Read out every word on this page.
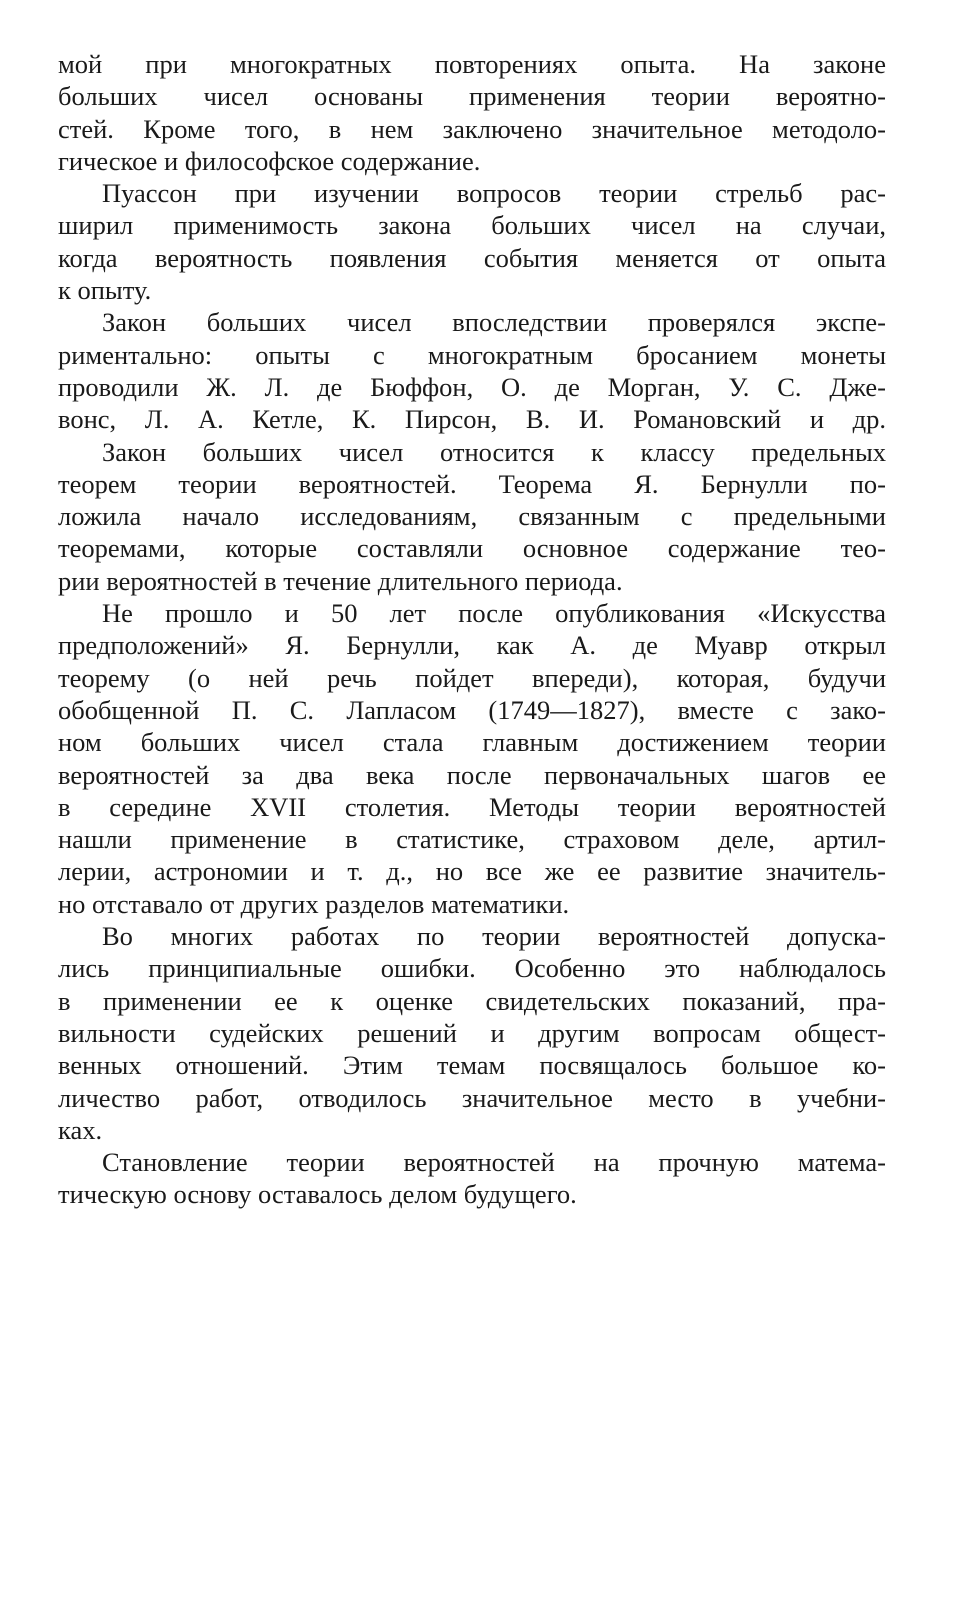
мой при многократных повторениях опыта. На законе
больших чисел основаны применения теории вероятно-
стей. Кроме того, в нем заключено значительное методоло-
гическое и философское содержание.
Пуассон при изучении вопросов теории стрельб рас-
ширил применимость закона больших чисел на случаи,
когда вероятность появления события меняется от опыта
к опыту.
Закон больших чисел впоследствии проверялся экспе-
риментально: опыты с многократным бросанием монеты
проводили Ж. Л. де Бюффон, О. де Морган, У. С. Дже-
вонс, Л. А. Кетле, К. Пирсон, В. И. Романовский и др.
Закон больших чисел относится к классу предельных
теорем теории вероятностей. Теорема Я. Бернулли по-
ложила начало исследованиям, связанным с предельными
теоремами, которые составляли основное содержание тео-
рии вероятностей в течение длительного периода.
Не прошло и 50 лет после опубликования «Искусства
предположений» Я. Бернулли, как А. де Муавр открыл
теорему (о ней речь пойдет впереди), которая, будучи
обобщенной П. С. Лапласом (1749—1827), вместе с зако-
ном больших чисел стала главным достижением теории
вероятностей за два века после первоначальных шагов ее
в середине XVII столетия. Методы теории вероятностей
нашли применение в статистике, страховом деле, артил-
лерии, астрономии и т. д., но все же ее развитие значитель-
но отставало от других разделов математики.
Во многих работах по теории вероятностей допуска-
лись принципиальные ошибки. Особенно это наблюдалось
в применении ее к оценке свидетельских показаний, пра-
вильности судейских решений и другим вопросам общест-
венных отношений. Этим темам посвящалось большое ко-
личество работ, отводилось значительное место в учебни-
ках.
Становление теории вероятностей на прочную матема-
тическую основу оставалось делом будущего.
